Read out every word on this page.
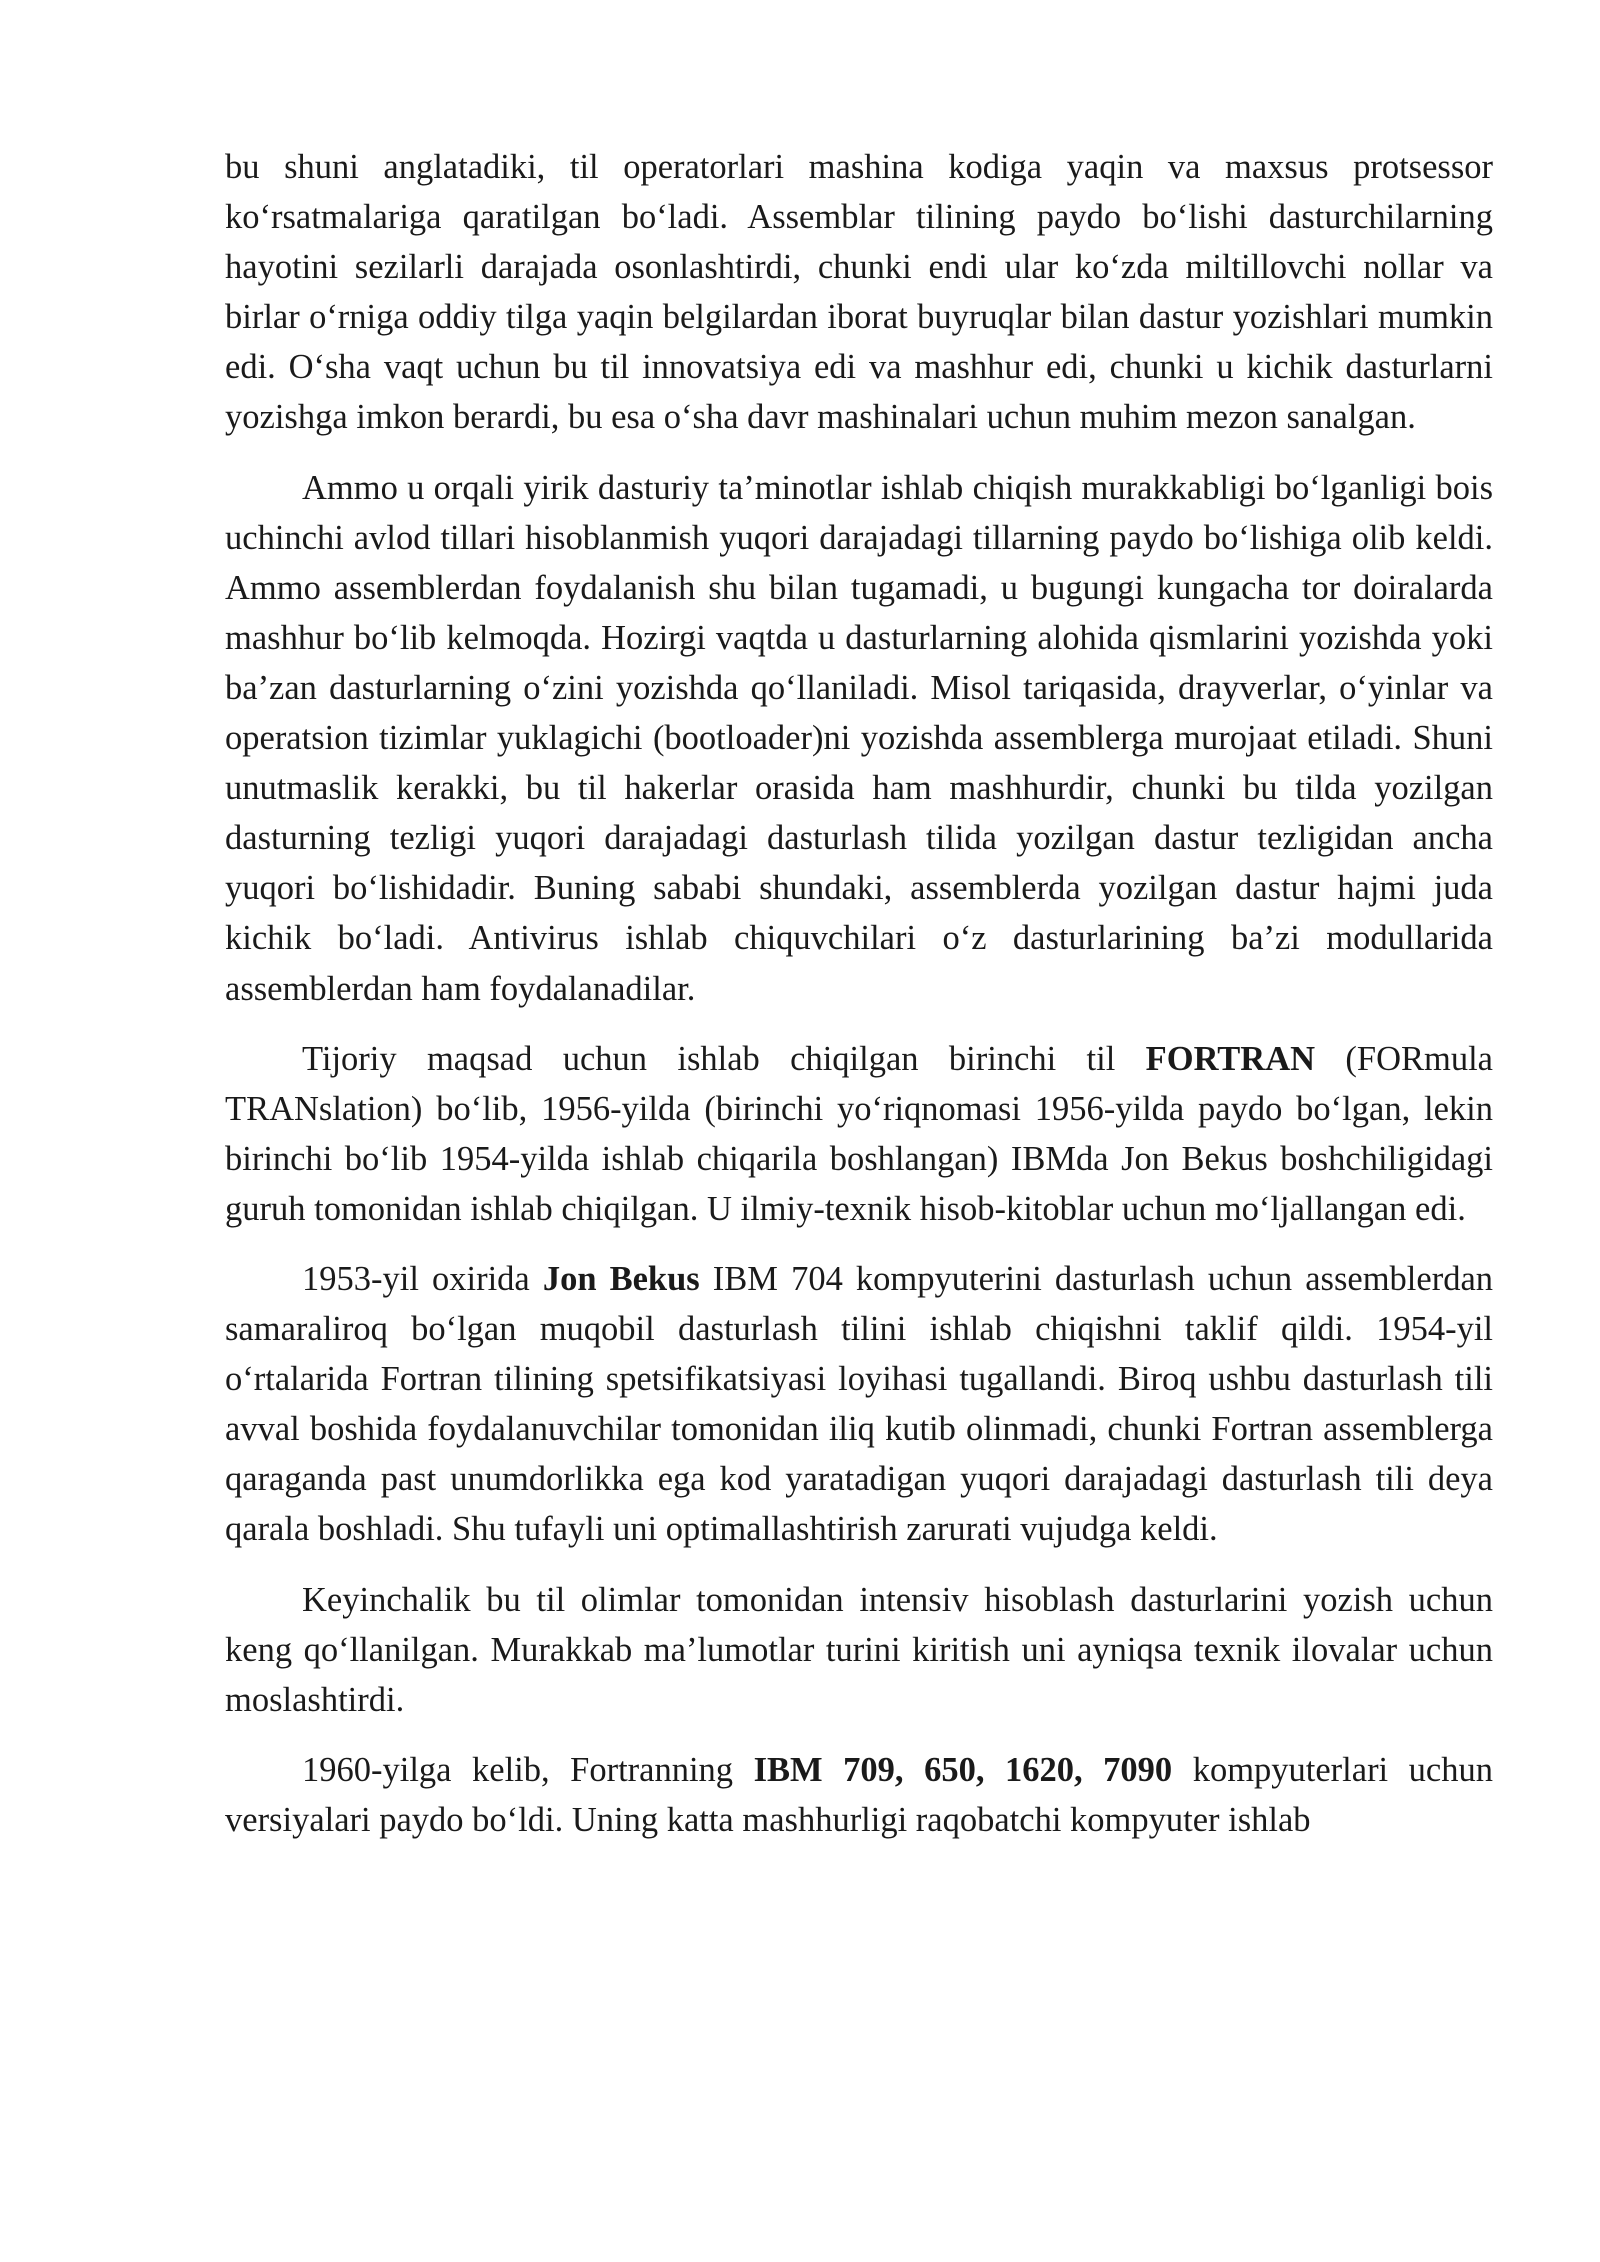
bu shuni anglatadiki, til operatorlari mashina kodiga yaqin va maxsus protsessor ko‘rsatmalariga qaratilgan bo‘ladi. Assemblar tilining paydo bo‘lishi dasturchilarning hayotini sezilarli darajada osonlashtirdi, chunki endi ular ko‘zda miltillovchi nollar va birlar o‘rniga oddiy tilga yaqin belgilardan iborat buyruqlar bilan dastur yozishlari mumkin edi. O‘sha vaqt uchun bu til innovatsiya edi va mashhur edi, chunki u kichik dasturlarni yozishga imkon berardi, bu esa o‘sha davr mashinalari uchun muhim mezon sanalgan.

Ammo u orqali yirik dasturiy ta’minotlar ishlab chiqish murakkabligi bo‘lganligi bois uchinchi avlod tillari hisoblanmish yuqori darajadagi tillarning paydo bo‘lishiga olib keldi. Ammo assemblerdan foydalanish shu bilan tugamadi, u bugungi kungacha tor doiralarda mashhur bo‘lib kelmoqda. Hozirgi vaqtda u dasturlarning alohida qismlarini yozishda yoki ba’zan dasturlarning o‘zini yozishda qo‘llaniladi. Misol tariqasida, drayverlar, o‘yinlar va operatsion tizimlar yuklagichi (bootloader)ni yozishda assemblerga murojaat etiladi. Shuni unutmaslik kerakki, bu til hakerlar orasida ham mashhurdir, chunki bu tilda yozilgan dasturning tezligi yuqori darajadagi dasturlash tilida yozilgan dastur tezligidan ancha yuqori bo‘lishidadir. Buning sababi shundaki, assemblerda yozilgan dastur hajmi juda kichik bo‘ladi. Antivirus ishlab chiquvchilari o‘z dasturlarining ba’zi modullarida assemblerdan ham foydalanadilar.

Tijoriy maqsad uchun ishlab chiqilgan birinchi til FORTRAN (FORmula TRANslation) bo‘lib, 1956-yilda (birinchi yo‘riqnomasi 1956-yilda paydo bo‘lgan, lekin birinchi bo‘lib 1954-yilda ishlab chiqarila boshlangan) IBMda Jon Bekus boshchiligidagi guruh tomonidan ishlab chiqilgan. U ilmiy-texnik hisob-kitoblar uchun mo‘ljallangan edi.

1953-yil oxirida Jon Bekus IBM 704 kompyuterini dasturlash uchun assemblerdan samaraliroq bo‘lgan muqobil dasturlash tilini ishlab chiqishni taklif qildi. 1954-yil o‘rtalarida Fortran tilining spetsifikatsiyasi loyihasi tugallandi. Biroq ushbu dasturlash tili avval boshida foydalanuvchilar tomonidan iliq kutib olinmadi, chunki Fortran assemblerga qaraganda past unumdorlikka ega kod yaratadigan yuqori darajadagi dasturlash tili deya qarala boshladi. Shu tufayli uni optimallashtirish zarurati vujudga keldi.

Keyinchalik bu til olimlar tomonidan intensiv hisoblash dasturlarini yozish uchun keng qo‘llanilgan. Murakkab ma’lumotlar turini kiritish uni ayniqsa texnik ilovalar uchun moslashtirdi.

1960-yilga kelib, Fortranning IBM 709, 650, 1620, 7090 kompyuterlari uchun versiyalari paydo bo‘ldi. Uning katta mashhurligi raqobatchi kompyuter ishlab
